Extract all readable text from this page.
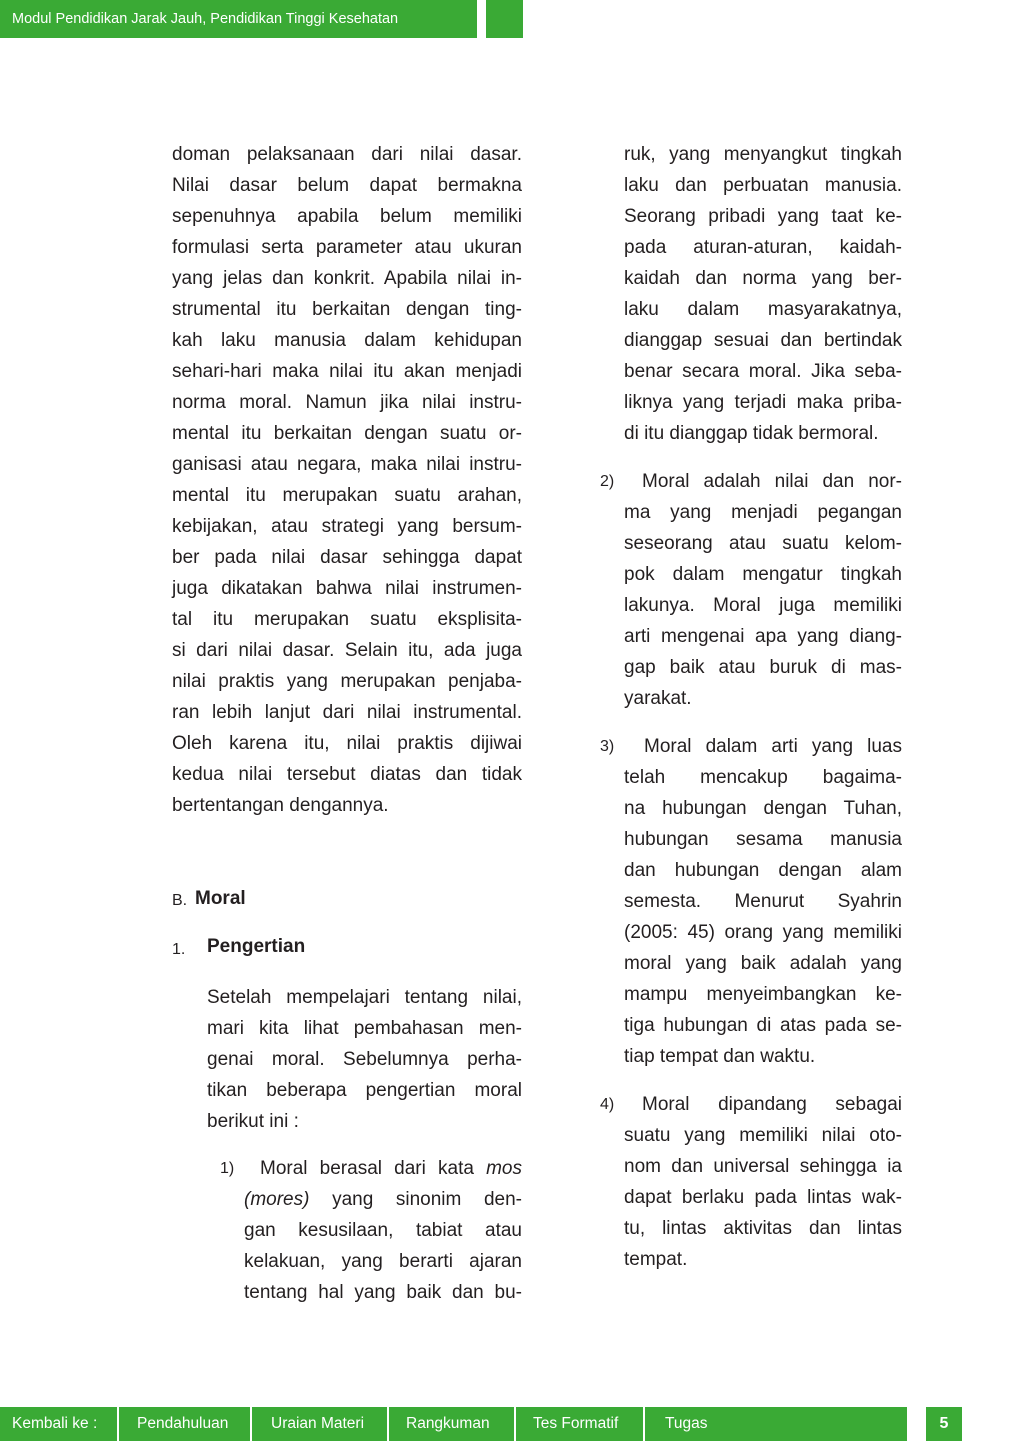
Modul Pendidikan Jarak Jauh, Pendidikan Tinggi Kesehatan

doman pelaksanaan dari nilai dasar.

Nilai dasar belum dapat bermakna

sepenuhnya apabila belum memiliki

formulasi serta parameter atau ukuran

yang jelas dan konkrit. Apabila nilai in-

strumental itu berkaitan dengan ting-

kah laku manusia dalam kehidupan

sehari-hari maka nilai itu akan menjadi

norma moral. Namun jika nilai instru-

mental itu berkaitan dengan suatu or-

ganisasi atau negara, maka nilai instru-

mental itu merupakan suatu arahan,

kebijakan, atau strategi yang bersum-

ber pada nilai dasar sehingga dapat

juga dikatakan bahwa nilai instrumen-

tal itu merupakan suatu eksplisita-

si dari nilai dasar. Selain itu, ada juga

nilai praktis yang merupakan penjaba-

ran lebih lanjut dari nilai instrumental.

Oleh karena itu, nilai praktis dijiwai

kedua nilai tersebut diatas dan tidak

bertentangan dengannya.

B. Moral
1. Pengertian

Setelah mempelajari tentang nilai,

mari kita lihat pembahasan men-

genai moral. Sebelumnya perha-

tikan beberapa pengertian moral

berikut ini :

1)	Moral berasal dari kata mos

(mores) yang sinonim den-

gan kesusilaan, tabiat atau

kelakuan, yang berarti ajaran

tentang hal yang baik dan bu-

ruk, yang menyangkut tingkah

laku dan perbuatan manusia.

Seorang pribadi yang taat ke-

pada aturan-aturan, kaidah-

kaidah dan norma yang ber-

laku dalam masyarakatnya,

dianggap sesuai dan bertindak

benar secara moral. Jika seba-

liknya yang terjadi maka priba-

di itu dianggap tidak bermoral.

2)	Moral adalah nilai dan nor-

ma yang menjadi pegangan

seseorang atau suatu kelom-

pok dalam mengatur tingkah

lakunya. Moral juga memiliki

arti mengenai apa yang diang-

gap baik atau buruk di mas-

yarakat.

3)	Moral dalam arti yang luas

telah mencakup bagaima-

na hubungan dengan Tuhan,

hubungan sesama manusia

dan hubungan dengan alam

semesta. Menurut Syahrin

(2005: 45) orang yang memiliki

moral yang baik adalah yang

mampu menyeimbangkan ke-

tiga hubungan di atas pada se-

tiap tempat dan waktu.

4)	Moral dipandang sebagai

suatu yang memiliki nilai oto-

nom dan universal sehingga ia

dapat berlaku pada lintas wak-

tu, lintas aktivitas dan lintas

tempat.

Kembali ke :	Pendahuluan	Uraian Materi	Rangkuman	Tes Formatif	Tugas	5
